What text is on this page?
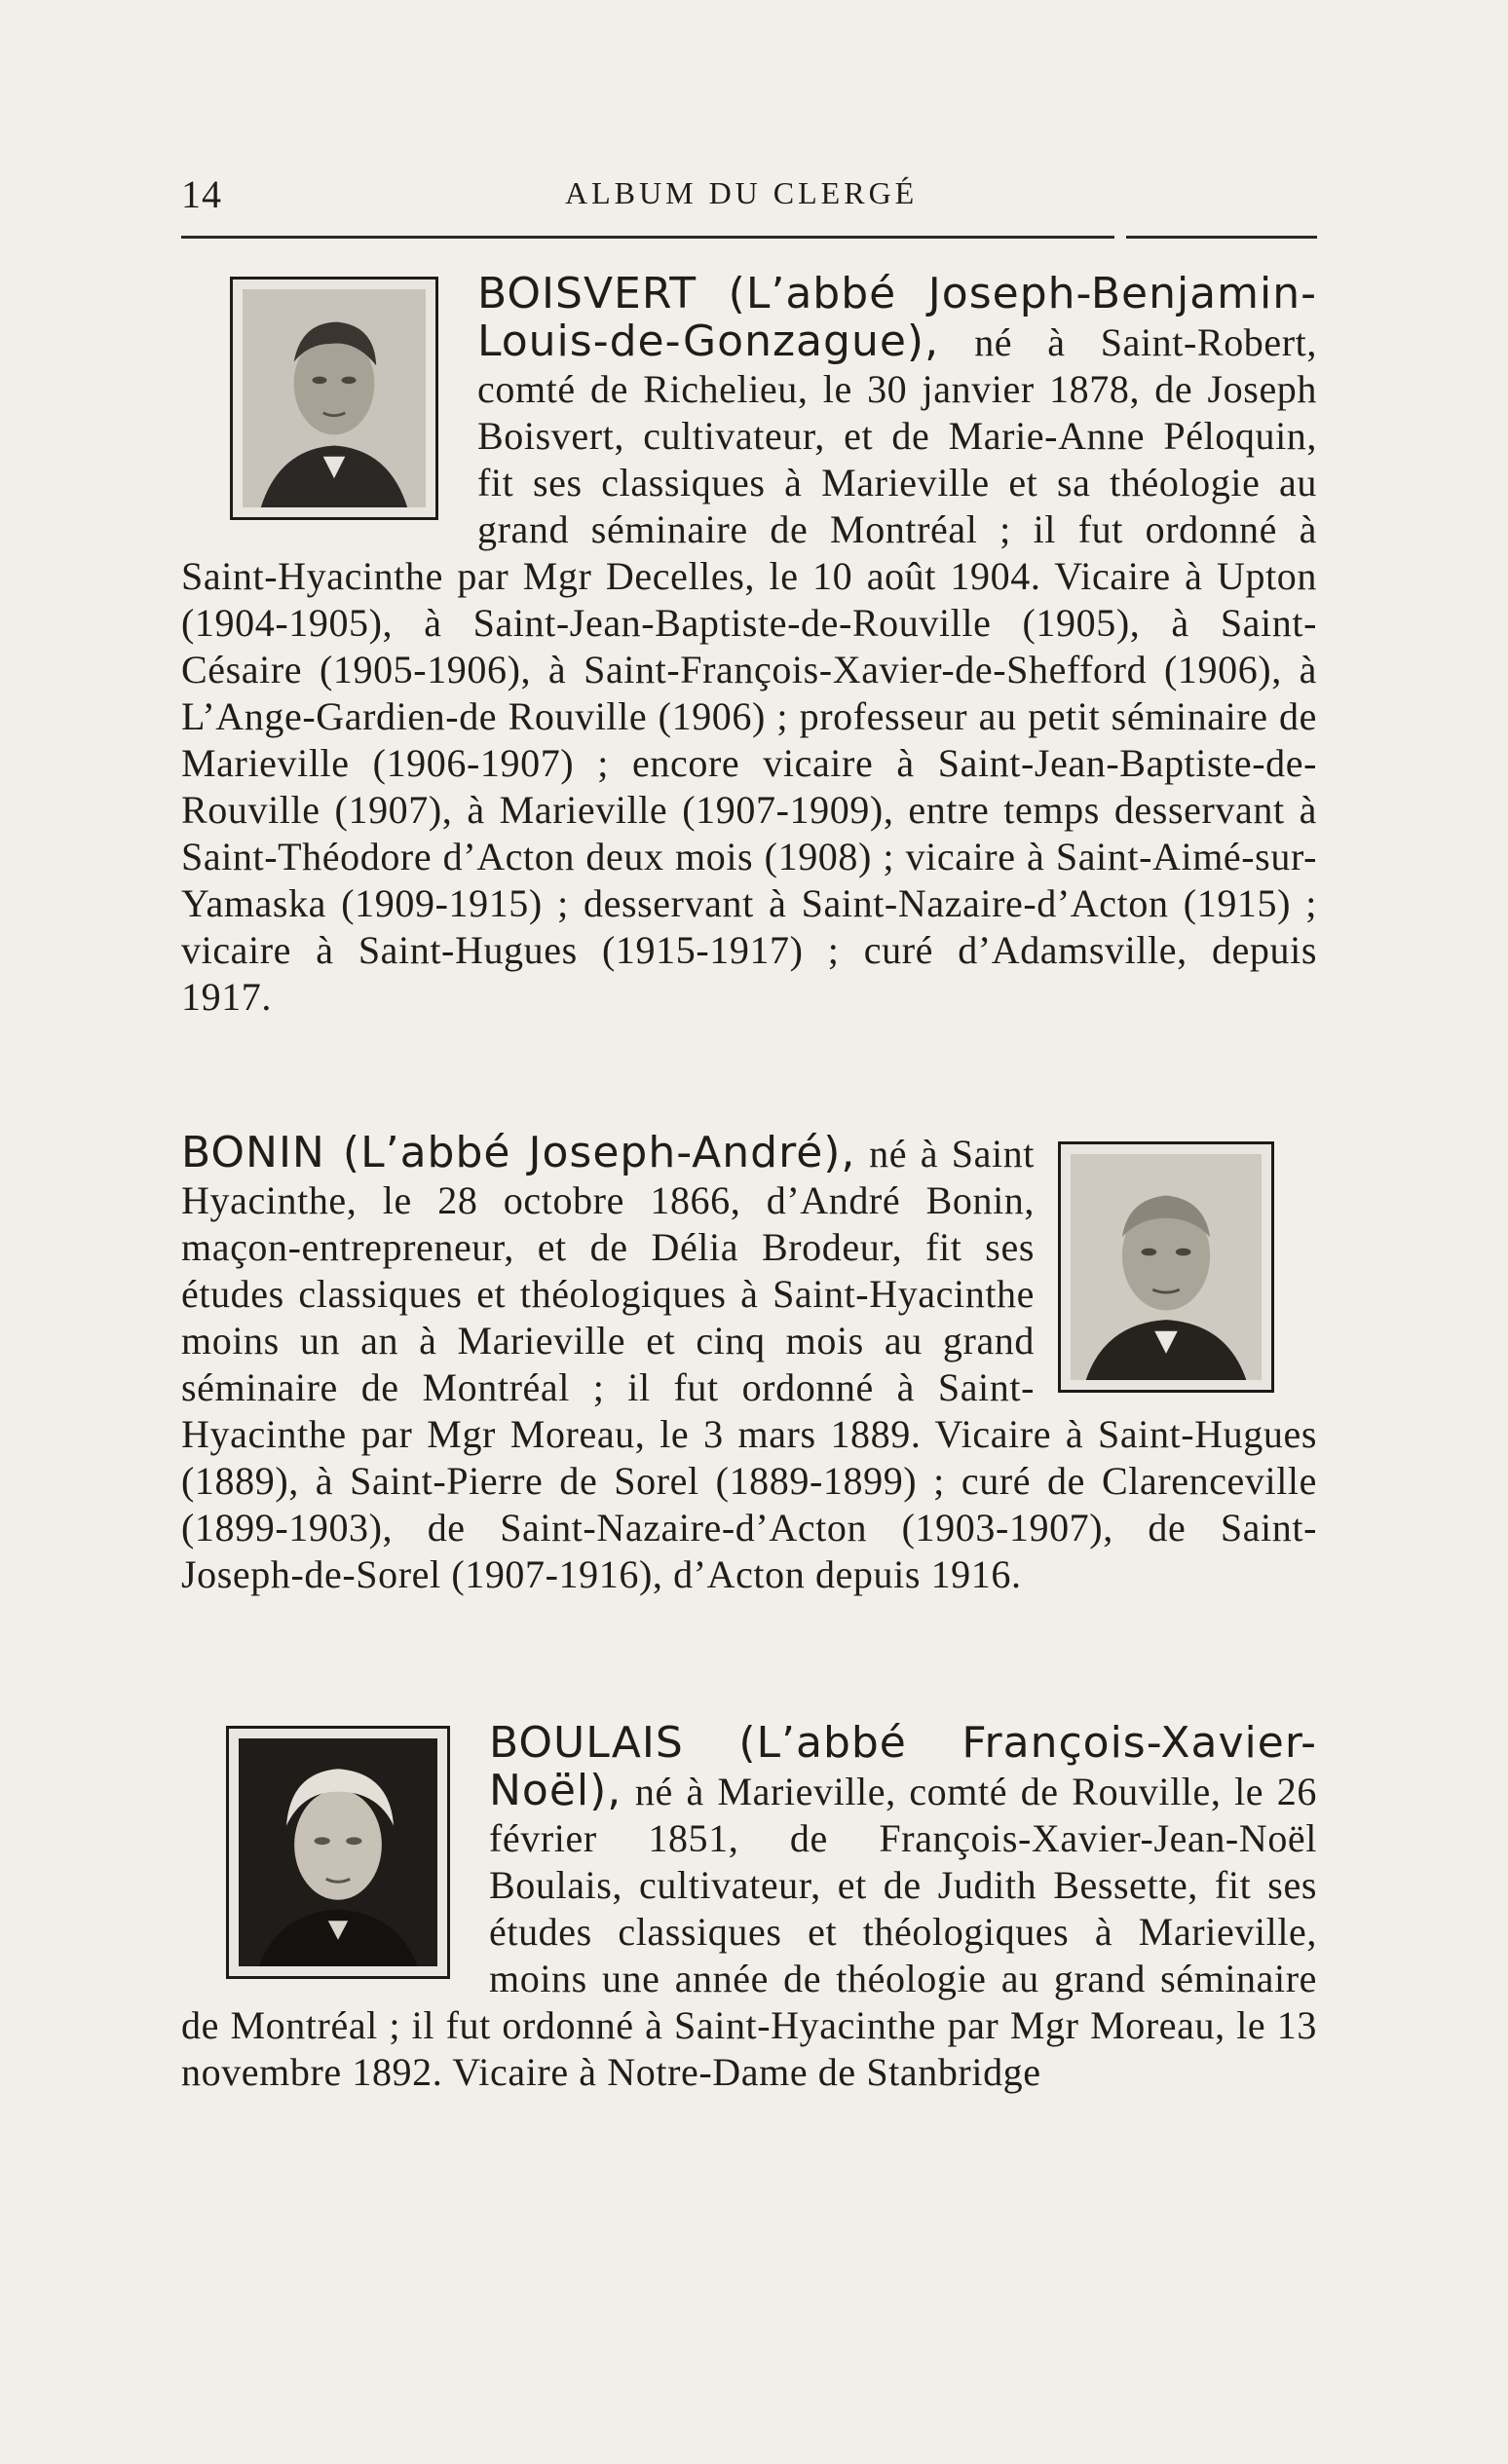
14	ALBUM DU CLERGÉ
BOISVERT (L’abbé Joseph-Benjamin-Louis-de-Gonzague), né à Saint-Robert, comté de Richelieu, le 30 janvier 1878, de Joseph Boisvert, cultivateur, et de Marie-Anne Péloquin, fit ses classiques à Marieville et sa théologie au grand séminaire de Montréal ; il fut ordonné à Saint-Hyacinthe par Mgr Decelles, le 10 août 1904. Vicaire à Upton (1904-1905), à Saint-Jean-Baptiste-de-Rouville (1905), à Saint-Césaire (1905-1906), à Saint-François-Xavier-de-Shefford (1906), à L’Ange-Gardien-de Rouville (1906) ; professeur au petit séminaire de Marieville (1906-1907) ; encore vicaire à Saint-Jean-Baptiste-de-Rouville (1907), à Marieville (1907-1909), entre temps desservant à Saint-Théodore d’Acton deux mois (1908) ; vicaire à Saint-Aimé-sur-Yamaska (1909-1915) ; desservant à Saint-Nazaire-d’Acton (1915) ; vicaire à Saint-Hugues (1915-1917) ; curé d’Adamsville, depuis 1917.
BONIN (L’abbé Joseph-André), né à Saint Hyacinthe, le 28 octobre 1866, d’André Bonin, maçon-entrepreneur, et de Délia Brodeur, fit ses études classiques et théologiques à Saint-Hyacinthe moins un an à Marieville et cinq mois au grand séminaire de Montréal ; il fut ordonné à Saint-Hyacinthe par Mgr Moreau, le 3 mars 1889. Vicaire à Saint-Hugues (1889), à Saint-Pierre de Sorel (1889-1899) ; curé de Clarenceville (1899-1903), de Saint-Nazaire-d’Acton (1903-1907), de Saint-Joseph-de-Sorel (1907-1916), d’Acton depuis 1916.
BOULAIS (L’abbé François-Xavier-Noël), né à Marieville, comté de Rouville, le 26 février 1851, de François-Xavier-Jean-Noël Boulais, cultivateur, et de Judith Bessette, fit ses études classiques et théologiques à Marieville, moins une année de théologie au grand séminaire de Montréal ; il fut ordonné à Saint-Hyacinthe par Mgr Moreau, le 13 novembre 1892. Vicaire à Notre-Dame de Stanbridge
